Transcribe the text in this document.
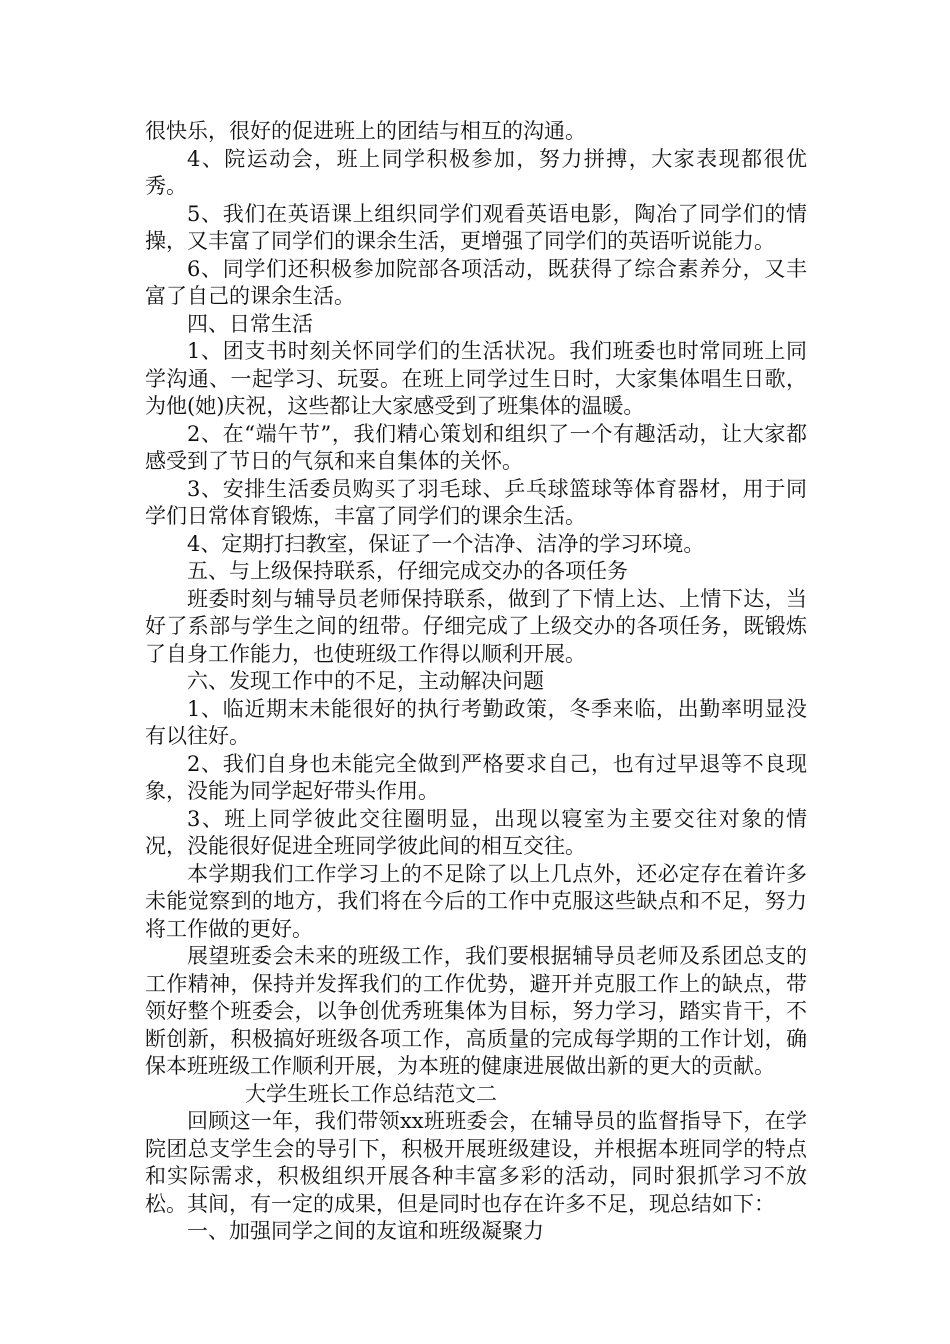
很快乐，很好的促进班上的团结与相互的沟通。

4、院运动会，班上同学积极参加，努力拼搏，大家表现都很优秀。

5、我们在英语课上组织同学们观看英语电影，陶冶了同学们的情操，又丰富了同学们的课余生活，更增强了同学们的英语听说能力。

6、同学们还积极参加院部各项活动，既获得了综合素养分，又丰富了自己的课余生活。

四、日常生活

1、团支书时刻关怀同学们的生活状况。我们班委也时常同班上同学沟通、一起学习、玩耍。在班上同学过生日时，大家集体唱生日歌，为他(她)庆祝，这些都让大家感受到了班集体的温暖。

2、在“端午节”，我们精心策划和组织了一个有趣活动，让大家都感受到了节日的气氛和来自集体的关怀。

3、安排生活委员购买了羽毛球、乒乓球篮球等体育器材，用于同学们日常体育锻炼，丰富了同学们的课余生活。

4、定期打扫教室，保证了一个洁净、洁净的学习环境。

五、与上级保持联系，仔细完成交办的各项任务

班委时刻与辅导员老师保持联系，做到了下情上达、上情下达，当好了系部与学生之间的纽带。仔细完成了上级交办的各项任务，既锻炼了自身工作能力，也使班级工作得以顺利开展。

六、发现工作中的不足，主动解决问题

1、临近期末未能很好的执行考勤政策，冬季来临，出勤率明显没有以往好。

2、我们自身也未能完全做到严格要求自己，也有过早退等不良现象，没能为同学起好带头作用。

3、班上同学彼此交往圈明显，出现以寝室为主要交往对象的情况，没能很好促进全班同学彼此间的相互交往。

本学期我们工作学习上的不足除了以上几点外，还必定存在着许多未能觉察到的地方，我们将在今后的工作中克服这些缺点和不足，努力将工作做的更好。

展望班委会未来的班级工作，我们要根据辅导员老师及系团总支的工作精神，保持并发挥我们的工作优势，避开并克服工作上的缺点，带领好整个班委会，以争创优秀班集体为目标，努力学习，踏实肯干，不断创新，积极搞好班级各项工作，高质量的完成每学期的工作计划，确保本班班级工作顺利开展，为本班的健康进展做出新的更大的贡献。

大学生班长工作总结范文二

回顾这一年，我们带领xx班班委会，在辅导员的监督指导下，在学院团总支学生会的导引下，积极开展班级建设，并根据本班同学的特点和实际需求，积极组织开展各种丰富多彩的活动，同时狠抓学习不放松。其间，有一定的成果，但是同时也存在许多不足，现总结如下：

一、加强同学之间的友谊和班级凝聚力
